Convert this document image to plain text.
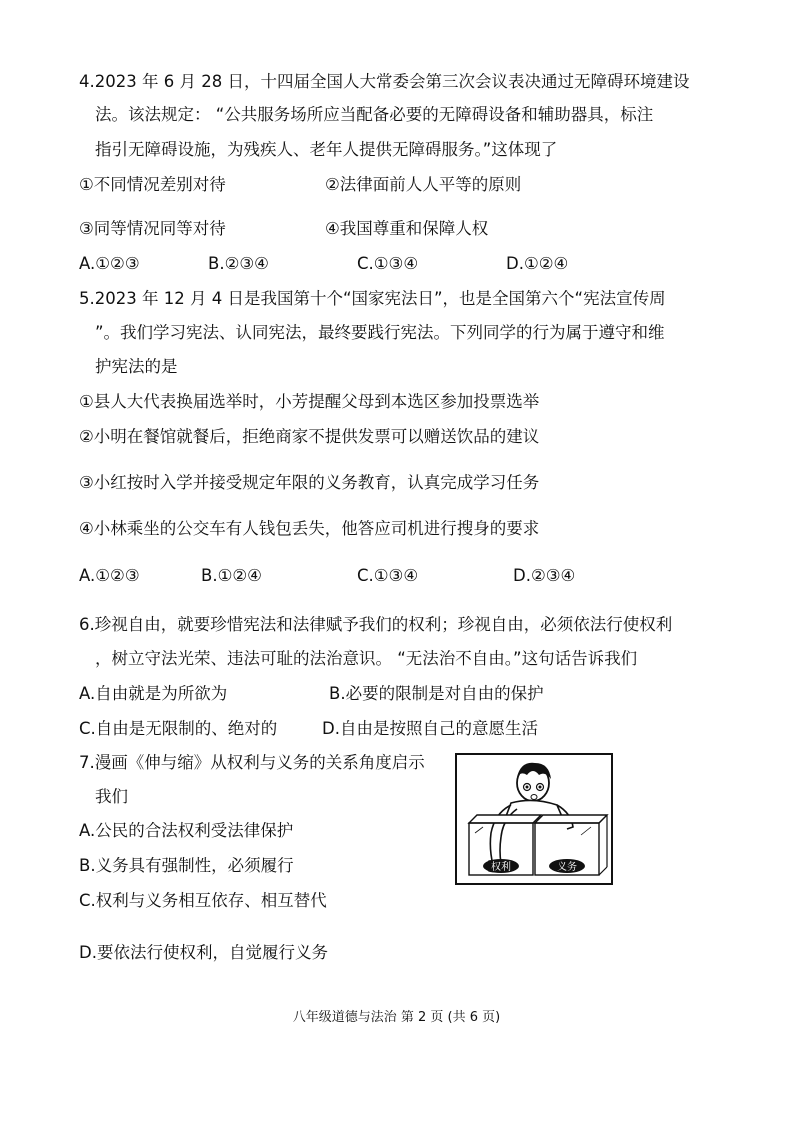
4.2023 年 6 月 28 日，十四届全国人大常委会第三次会议表决通过无障碍环境建设
法。该法规定： “公共服务场所应当配备必要的无障碍设备和辅助器具，标注
指引无障碍设施，为残疾人、老年人提供无障碍服务。”这体现了
①不同情况差别对待	②法律面前人人平等的原则
③同等情况同等对待	④我国尊重和保障人权
A.①②③	B.②③④	C.①③④	D.①②④
5.2023 年 12 月 4 日是我国第十个“国家宪法日”，也是全国第六个“宪法宣传周
”。我们学习宪法、认同宪法，最终要践行宪法。下列同学的行为属于遵守和维
护宪法的是
①县人大代表换届选举时，小芳提醒父母到本选区参加投票选举
②小明在餐馆就餐后，拒绝商家不提供发票可以赠送饮品的建议
③小红按时入学并接受规定年限的义务教育，认真完成学习任务
④小林乘坐的公交车有人钱包丢失，他答应司机进行搜身的要求
A.①②③	B.①②④	C.①③④	D.②③④
6.珍视自由，就要珍惜宪法和法律赋予我们的权利；珍视自由，必须依法行使权利
，树立守法光荣、违法可耻的法治意识。 “无法治不自由。”这句话告诉我们
A.自由就是为所欲为	B.必要的限制是对自由的保护
C.自由是无限制的、绝对的	D.自由是按照自己的意愿生活
7.漫画《伸与缩》从权利与义务的关系角度启示
我们
A.公民的合法权利受法律保护
B.义务具有强制性，必须履行
C.权利与义务相互依存、相互替代
D.要依法行使权利，自觉履行义务
权利	义务
八年级道德与法治 第 2 页 (共 6 页)
